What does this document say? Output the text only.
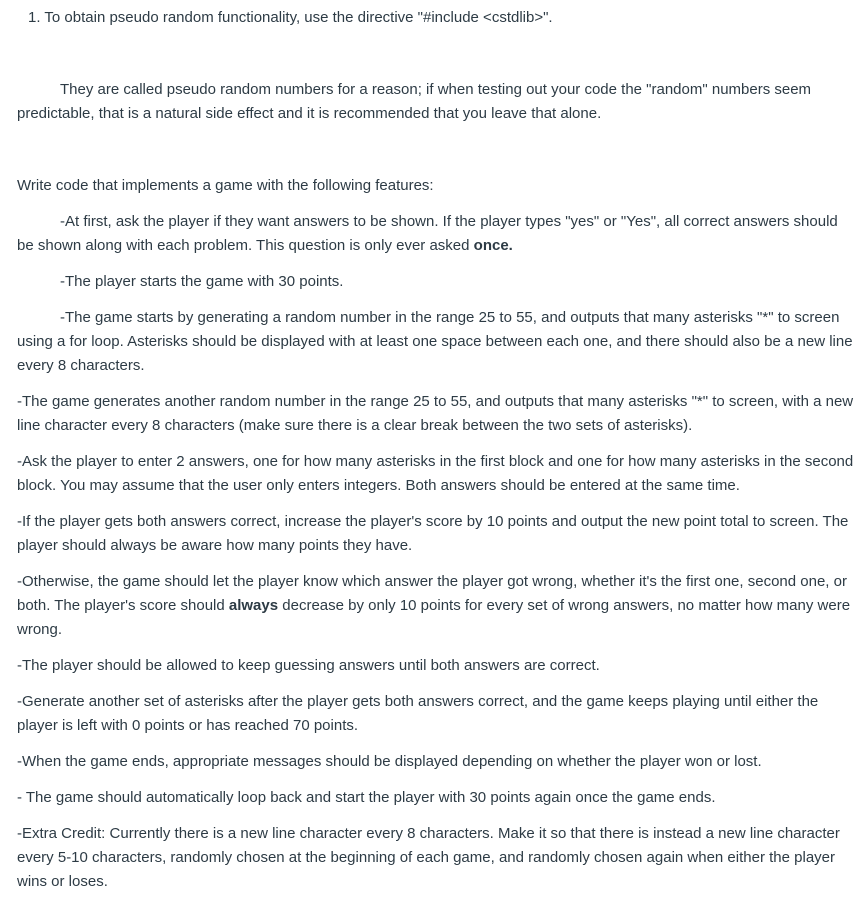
1. To obtain pseudo random functionality, use the directive "#include <cstdlib>".

They are called pseudo random numbers for a reason; if when testing out your code the "random" numbers seem predictable, that is a natural side effect and it is recommended that you leave that alone.

Write code that implements a game with the following features:

-At first, ask the player if they want answers to be shown. If the player types "yes" or "Yes", all correct answers should be shown along with each problem. This question is only ever asked once.

-The player starts the game with 30 points.

-The game starts by generating a random number in the range 25 to 55, and outputs that many asterisks "*" to screen using a for loop. Asterisks should be displayed with at least one space between each one, and there should also be a new line every 8 characters.

-The game generates another random number in the range 25 to 55, and outputs that many asterisks "*" to screen, with a new line character every 8 characters (make sure there is a clear break between the two sets of asterisks).

-Ask the player to enter 2 answers, one for how many asterisks in the first block and one for how many asterisks in the second block. You may assume that the user only enters integers. Both answers should be entered at the same time.

-If the player gets both answers correct, increase the player's score by 10 points and output the new point total to screen. The player should always be aware how many points they have.

-Otherwise, the game should let the player know which answer the player got wrong, whether it's the first one, second one, or both. The player's score should always decrease by only 10 points for every set of wrong answers, no matter how many were wrong.

-The player should be allowed to keep guessing answers until both answers are correct.

-Generate another set of asterisks after the player gets both answers correct, and the game keeps playing until either the player is left with 0 points or has reached 70 points.

-When the game ends, appropriate messages should be displayed depending on whether the player won or lost.

- The game should automatically loop back and start the player with 30 points again once the game ends.

-Extra Credit: Currently there is a new line character every 8 characters. Make it so that there is instead a new line character every 5-10 characters, randomly chosen at the beginning of each game, and randomly chosen again when either the player wins or loses.
